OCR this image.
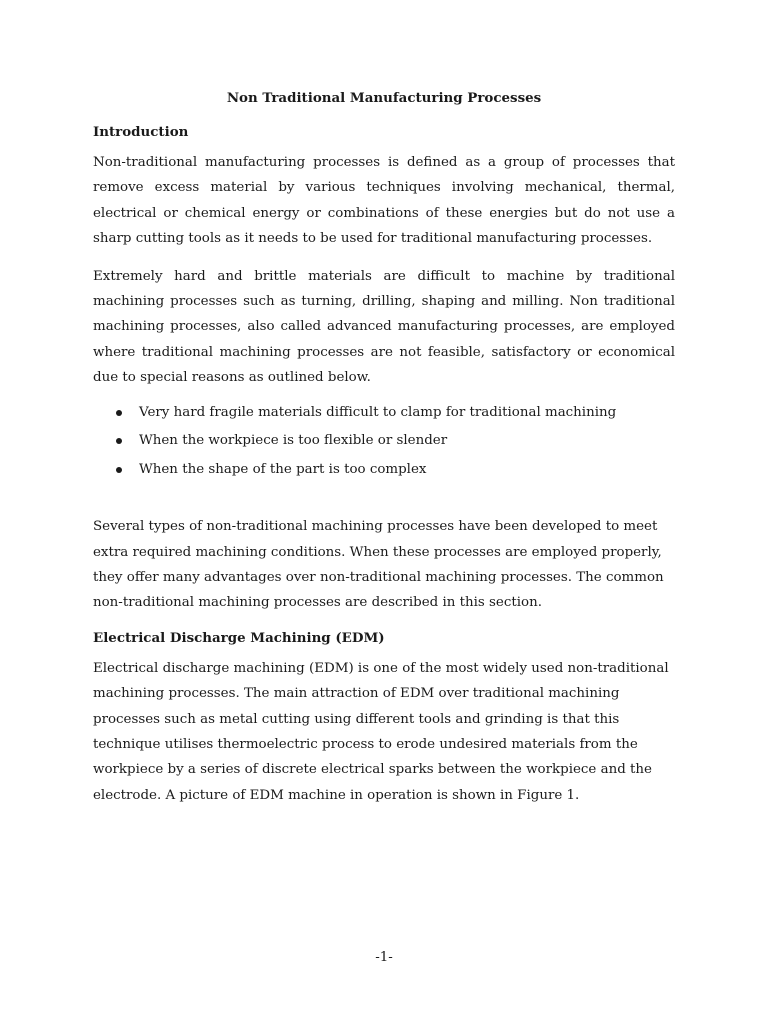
Non Traditional Manufacturing Processes
Introduction

Non-traditional manufacturing processes is defined as a group of processes that remove excess material by various techniques involving mechanical, thermal, electrical or chemical energy or combinations of these energies but do not use a sharp cutting tools as it needs to be used for traditional manufacturing processes.

Extremely hard and brittle materials are difficult to machine by traditional machining processes such as turning, drilling, shaping and milling. Non traditional machining processes, also called advanced manufacturing processes, are employed where traditional machining processes are not feasible, satisfactory or economical due to special reasons as outlined below.

Very hard fragile materials difficult to clamp for traditional machining
When the workpiece is too flexible or slender
When the shape of the part is too complex

Several types of non-traditional machining processes have been developed to meet extra required machining conditions. When these processes are employed properly, they offer many advantages over non-traditional machining processes. The common non-traditional machining processes are described in this section.

Electrical Discharge Machining (EDM)

Electrical discharge machining (EDM) is one of the most widely used non-traditional machining processes. The main attraction of EDM over traditional machining processes such as metal cutting using different tools and grinding is that this technique utilises thermoelectric process to erode undesired materials from the workpiece by a series of discrete electrical sparks between the workpiece and the electrode. A picture of EDM machine in operation is shown in Figure 1.

-1-
